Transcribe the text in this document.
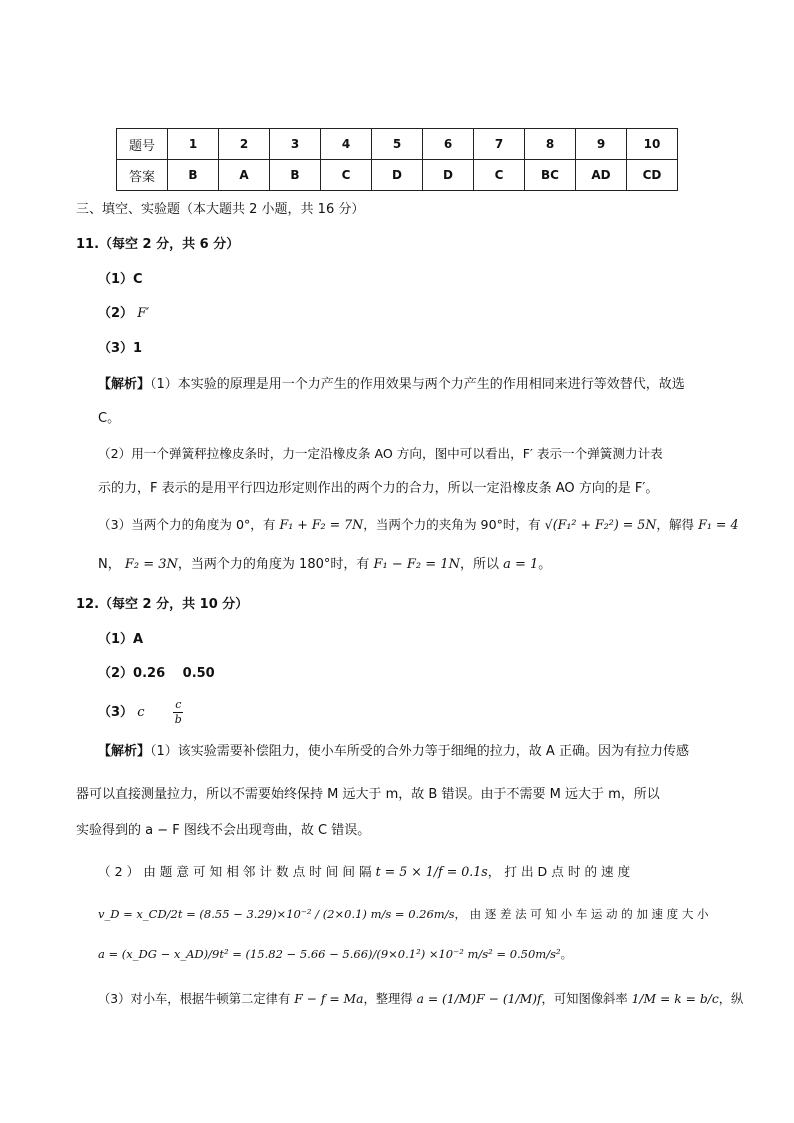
题号	1	2	3	4	5	6	7	8	9	10
答案	B	A	B	C	D	D	C	BC	AD	CD
三、填空、实验题（本大题共 2 小题，共 16 分）
11.（每空 2 分，共 6 分）
（1）C
（2） F′
（3）1
【解析】（1）本实验的原理是用一个力产生的作用效果与两个力产生的作用相同来进行等效替代，故选
C。
（2）用一个弹簧秤拉橡皮条时，力一定沿橡皮条 AO 方向，图中可以看出，F′ 表示一个弹簧测力计表
示的力，F 表示的是用平行四边形定则作出的两个力的合力，所以一定沿橡皮条 AO 方向的是 F′。
（3）当两个力的角度为 0°，有 F₁ + F₂ = 7N，当两个力的夹角为 90°时，有 √(F₁² + F₂²) = 5N，解得 F₁ = 4
N， F₂ = 3N，当两个力的角度为 180°时，有 F₁ − F₂ = 1N，所以 a = 1。
12.（每空 2 分，共 10 分）
（1）A
（2）0.26　 0.50
（3） c	$\frac{c}{b}$
【解析】（1）该实验需要补偿阻力，使小车所受的合外力等于细绳的拉力，故 A 正确。因为有拉力传感
器可以直接测量拉力，所以不需要始终保持 M 远大于 m，故 B 错误。由于不需要 M 远大于 m，所以
实验得到的 a − F 图线不会出现弯曲，故 C 错误。
（ 2 ） 由 题 意 可 知 相 邻 计 数 点 时 间 间 隔 t = 5 × 1/f = 0.1s， 打 出 D 点 时 的 速 度
v_D = x_CD/2t = (8.55 − 3.29)×10⁻² / (2×0.1) m/s = 0.26m/s， 由 逐 差 法 可 知 小 车 运 动 的 加 速 度 大 小
a = (x_DG − x_AD)/9t² = (15.82 − 5.66 − 5.66)/(9×0.1²) ×10⁻² m/s² = 0.50m/s²。
（3）对小车，根据牛顿第二定律有 F − f = Ma，整理得 a = (1/M)F − (1/M)f，可知图像斜率 1/M = k = b/c，纵
